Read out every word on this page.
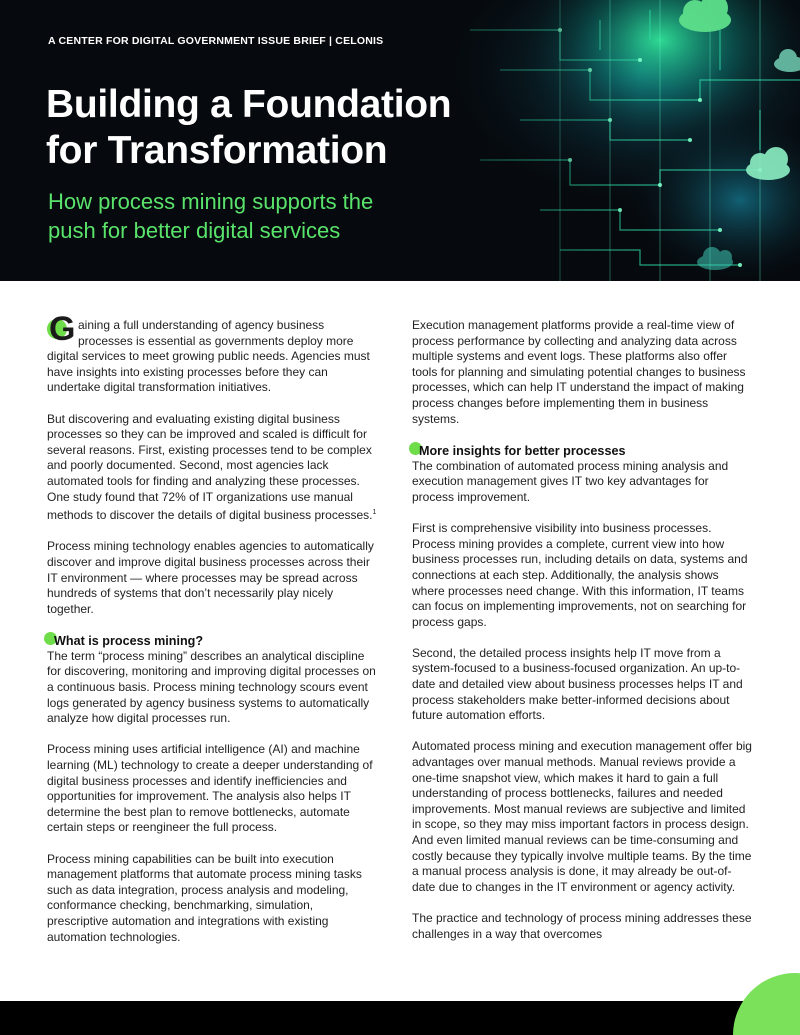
A CENTER FOR DIGITAL GOVERNMENT ISSUE BRIEF | CELONIS
Building a Foundation
for Transformation
How process mining supports the
push for better digital services

G aining a full understanding of agency business processes is essential as governments deploy more digital services to meet growing public needs. Agencies must have insights into existing processes before they can undertake digital transformation initiatives.

But discovering and evaluating existing digital business processes so they can be improved and scaled is difficult for several reasons. First, existing processes tend to be complex and poorly documented. Second, most agencies lack automated tools for finding and analyzing these processes. One study found that 72% of IT organizations use manual methods to discover the details of digital business processes.$^1$

Process mining technology enables agencies to automatically discover and improve digital business processes across their IT environment — where processes may be spread across hundreds of systems that don’t necessarily play nicely together.

What is process mining?

The term “process mining” describes an analytical discipline for discovering, monitoring and improving digital processes on a continuous basis. Process mining technology scours event logs generated by agency business systems to automatically analyze how digital processes run.

Process mining uses artificial intelligence (AI) and machine learning (ML) technology to create a deeper understanding of digital business processes and identify inefficiencies and opportunities for improvement. The analysis also helps IT determine the best plan to remove bottlenecks, automate certain steps or reengineer the full process.

Process mining capabilities can be built into execution management platforms that automate process mining tasks such as data integration, process analysis and modeling, conformance checking, benchmarking, simulation, prescriptive automation and integrations with existing automation technologies.

Execution management platforms provide a real-time view of process performance by collecting and analyzing data across multiple systems and event logs. These platforms also offer tools for planning and simulating potential changes to business processes, which can help IT understand the impact of making process changes before implementing them in business systems.

More insights for better processes

The combination of automated process mining analysis and execution management gives IT two key advantages for process improvement.

First is comprehensive visibility into business processes. Process mining provides a complete, current view into how business processes run, including details on data, systems and connections at each step. Additionally, the analysis shows where processes need change. With this information, IT teams can focus on implementing improvements, not on searching for process gaps.

Second, the detailed process insights help IT move from a system-focused to a business-focused organization. An up-to-date and detailed view about business processes helps IT and process stakeholders make better-informed decisions about future automation efforts.

Automated process mining and execution management offer big advantages over manual methods. Manual reviews provide a one-time snapshot view, which makes it hard to gain a full understanding of process bottlenecks, failures and needed improvements. Most manual reviews are subjective and limited in scope, so they may miss important factors in process design. And even limited manual reviews can be time-consuming and costly because they typically involve multiple teams. By the time a manual process analysis is done, it may already be out-of-date due to changes in the IT environment or agency activity.

The practice and technology of process mining addresses these challenges in a way that overcomes
